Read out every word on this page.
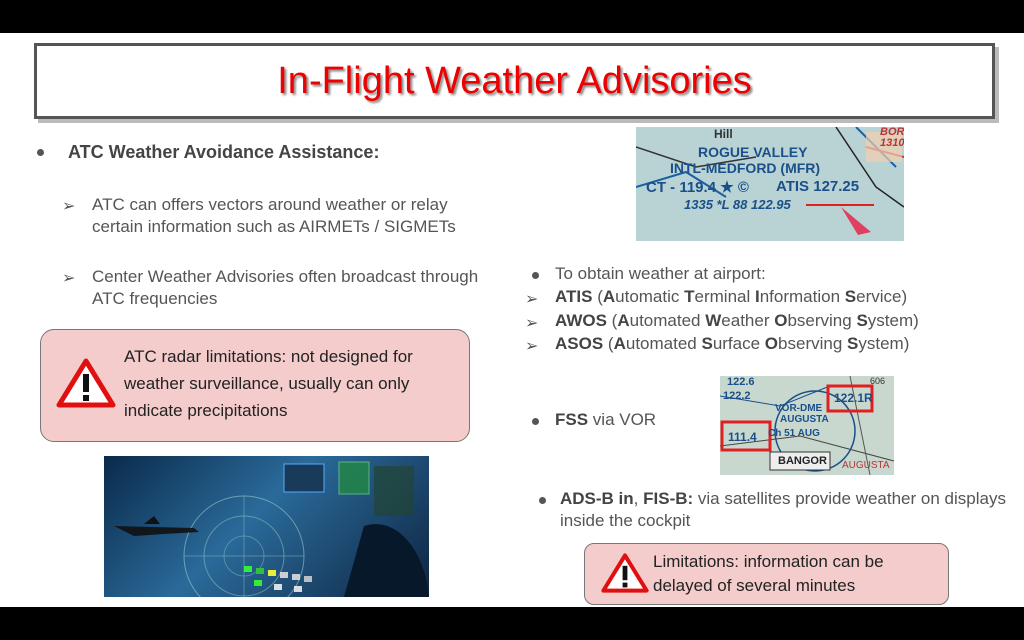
In-Flight Weather Advisories
ATC Weather Avoidance Assistance:
➢ ATC can offers vectors around weather or relay certain information such as AIRMETs / SIGMETs
➢ Center Weather Advisories often broadcast through ATC frequencies
ATC radar limitations: not designed for weather surveillance, usually can only indicate precipitations
Hill	BOR 1310
ROGUE VALLEY
INTL-MEDFORD (MFR)
CT - 119.4 ★ © ATIS 127.25
1335 *L 88 122.95
To obtain weather at airport:
➢ ATIS (Automatic Terminal Information Service)
➢ AWOS (Automated Weather Observing System)
➢ ASOS (Automated Surface Observing System)
FSS via VOR
122.6
122.2
606
VOR-DME
AUGUSTA
Ch 51 AUG
122.1R
111.4
BANGOR AUGUSTA
ADS-B in, FIS-B: via satellites provide weather on displays inside the cockpit
Limitations: information can be delayed of several minutes
